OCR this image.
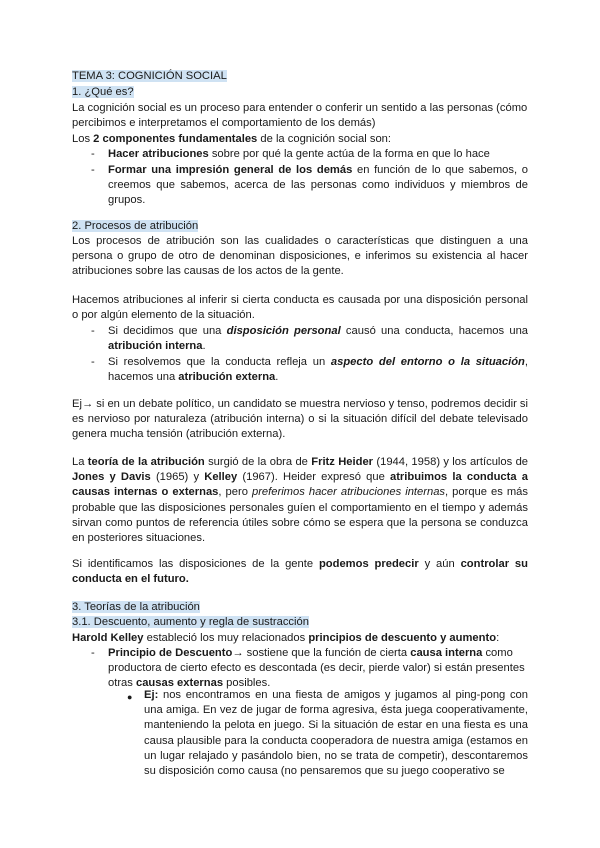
TEMA 3: COGNICIÓN SOCIAL

1. ¿Qué es?

La cognición social es un proceso para entender o conferir un sentido a las personas (cómo percibimos e interpretamos el comportamiento de los demás)

Los 2 componentes fundamentales de la cognición social son:

- Hacer atribuciones sobre por qué la gente actúa de la forma en que lo hace

- Formar una impresión general de los demás en función de lo que sabemos, o creemos que sabemos, acerca de las personas como individuos y miembros de grupos.

2. Procesos de atribución

Los procesos de atribución son las cualidades o características que distinguen a una persona o grupo de otro de denominan disposiciones, e inferimos su existencia al hacer atribuciones sobre las causas de los actos de la gente.

Hacemos atribuciones al inferir si cierta conducta es causada por una disposición personal o por algún elemento de la situación.

- Si decidimos que una disposición personal causó una conducta, hacemos una atribución interna.

- Si resolvemos que la conducta refleja un aspecto del entorno o la situación, hacemos una atribución externa.

Ej→ si en un debate político, un candidato se muestra nervioso y tenso, podremos decidir si es nervioso por naturaleza (atribución interna) o si la situación difícil del debate televisado genera mucha tensión (atribución externa).

La teoría de la atribución surgió de la obra de Fritz Heider (1944, 1958) y los artículos de Jones y Davis (1965) y Kelley (1967). Heider expresó que atribuimos la conducta a causas internas o externas, pero preferimos hacer atribuciones internas, porque es más probable que las disposiciones personales guíen el comportamiento en el tiempo y además sirvan como puntos de referencia útiles sobre cómo se espera que la persona se conduzca en posteriores situaciones.

Si identificamos las disposiciones de la gente podemos predecir y aún controlar su conducta en el futuro.

3. Teorías de la atribución

3.1. Descuento, aumento y regla de sustracción

Harold Kelley estableció los muy relacionados principios de descuento y aumento:

- Principio de Descuento→ sostiene que la función de cierta causa interna como productora de cierto efecto es descontada (es decir, pierde valor) si están presentes otras causas externas posibles.

● Ej: nos encontramos en una fiesta de amigos y jugamos al ping-pong con una amiga. En vez de jugar de forma agresiva, ésta juega cooperativamente, manteniendo la pelota en juego. Si la situación de estar en una fiesta es una causa plausible para la conducta cooperadora de nuestra amiga (estamos en un lugar relajado y pasándolo bien, no se trata de competir), descontaremos su disposición como causa (no pensaremos que su juego cooperativo se
